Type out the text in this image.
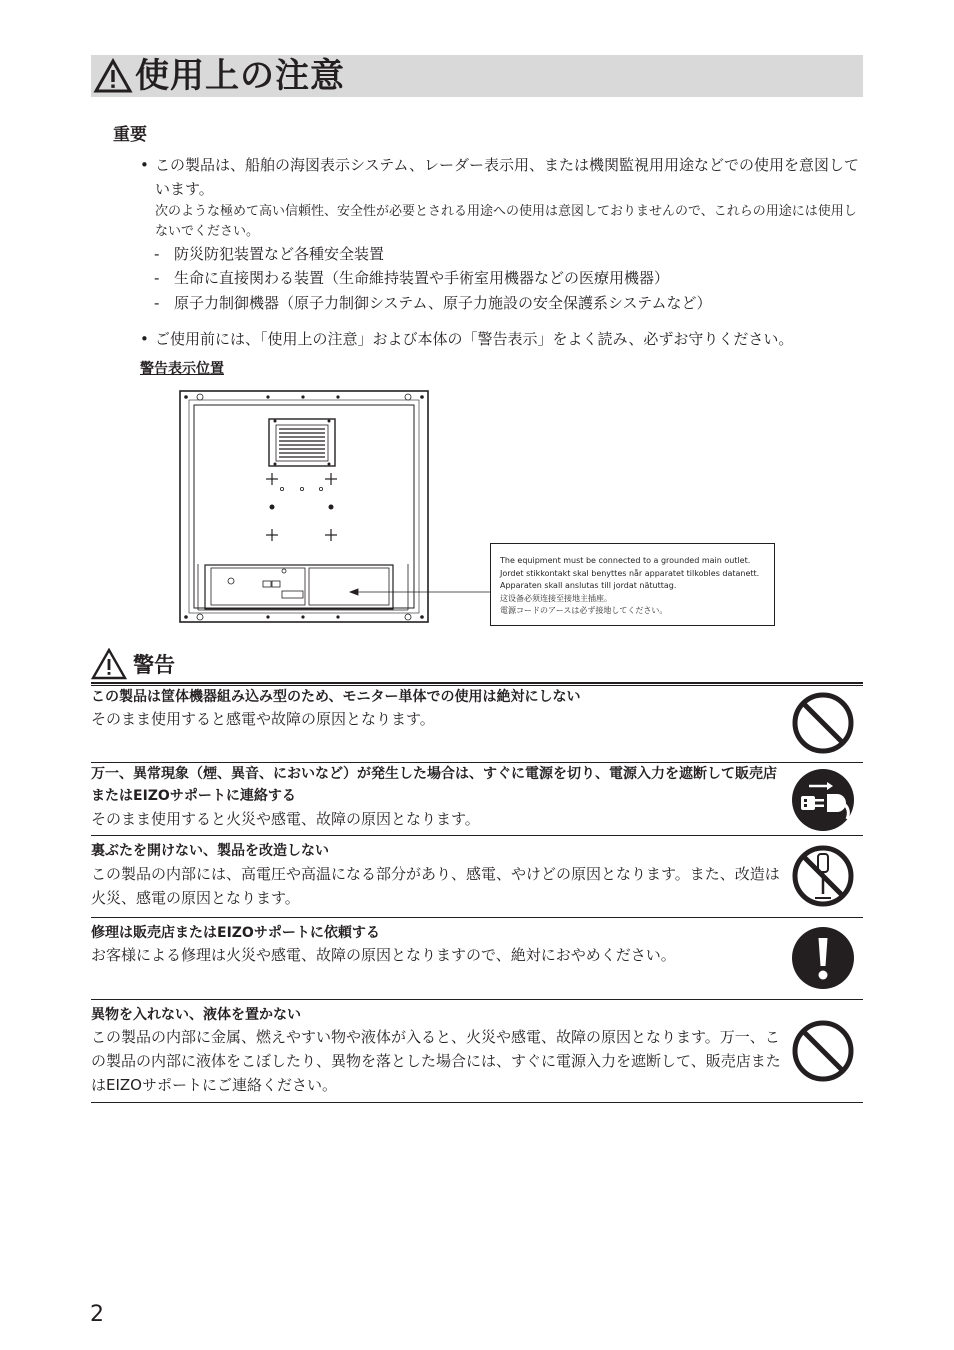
使用上の注意
重要
• この製品は、船舶の海図表示システム、レーダー表示用、または機関監視用用途などでの使用を意図しています。
次のような極めて高い信頼性、安全性が必要とされる用途への使用は意図しておりませんので、これらの用途には使用しないでください。
- 防災防犯装置など各種安全装置
- 生命に直接関わる装置（生命維持装置や手術室用機器などの医療用機器）
- 原子力制御機器（原子力制御システム、原子力施設の安全保護系システムなど）
• ご使用前には、「使用上の注意」および本体の「警告表示」をよく読み、必ずお守りください。
警告表示位置
The equipment must be connected to a grounded main outlet.
Jordet stikkontakt skal benyttes når apparatet tilkobles datanett.
Apparaten skall anslutas till jordat nätuttag.
这设备必须连接至接地主插座。
電源コードのアースは必ず接地してください。
警告
この製品は筐体機器組み込み型のため、モニター単体での使用は絶対にしない
そのまま使用すると感電や故障の原因となります。
万一、異常現象（煙、異音、においなど）が発生した場合は、すぐに電源を切り、電源入力を遮断して販売店またはEIZOサポートに連絡する
そのまま使用すると火災や感電、故障の原因となります。
裏ぶたを開けない、製品を改造しない
この製品の内部には、高電圧や高温になる部分があり、感電、やけどの原因となります。また、改造は火災、感電の原因となります。
修理は販売店またはEIZOサポートに依頼する
お客様による修理は火災や感電、故障の原因となりますので、絶対におやめください。
異物を入れない、液体を置かない
この製品の内部に金属、燃えやすい物や液体が入ると、火災や感電、故障の原因となります。万一、この製品の内部に液体をこぼしたり、異物を落とした場合には、すぐに電源入力を遮断して、販売店またはEIZOサポートにご連絡ください。
2
